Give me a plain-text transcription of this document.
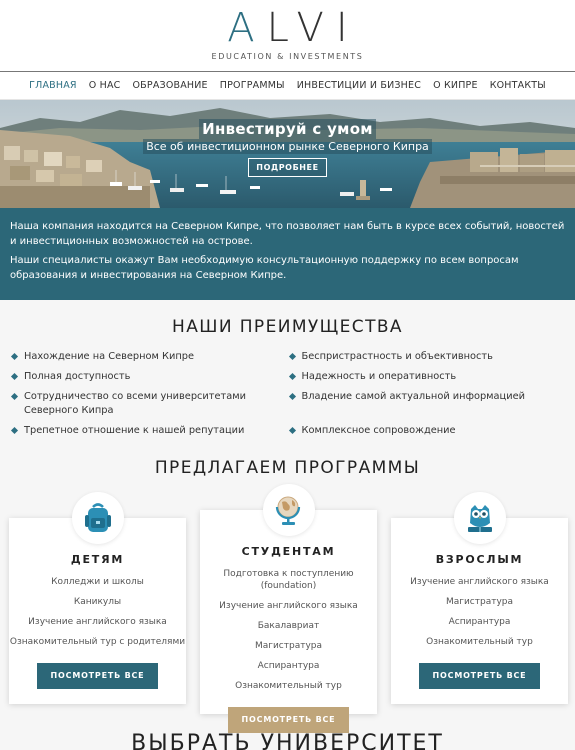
ALVI
EDUCATION & INVESTMENTS
ГЛАВНАЯ	О НАС	ОБРАЗОВАНИЕ	ПРОГРАММЫ	ИНВЕСТИЦИИ И БИЗНЕС	О КИПРЕ	КОНТАКТЫ
Инвестируй с умом
Все об инвестиционном рынке Северного Кипра
ПОДРОБНЕЕ

Наша компания находится на Северном Кипре, что позволяет нам быть в курсе всех событий, новостей и инвестиционных возможностей на острове.

Наши специалисты окажут Вам необходимую консультационную поддержку по всем вопросам образования и инвестирования на Северном Кипре.

НАШИ ПРЕИМУЩЕСТВА
Нахождение на Северном Кипре
Полная доступность
Сотрудничество со всеми университетами Северного Кипра
Трепетное отношение к нашей репутации
Беспристрастность и объективность
Надежность и оперативность
Владение самой актуальной информацией
Комплексное сопровождение
ПРЕДЛАГАЕМ ПРОГРАММЫ
ДЕТЯМ
Колледжи и школы
Каникулы
Изучение английского языка
Ознакомительный тур с родителями
ПОСМОТРЕТЬ ВСЕ
СТУДЕНТАМ
Подготовка к поступлению (foundation)
Изучение английского языка
Бакалавриат
Магистратура
Аспирантура
Ознакомительный тур
ПОСМОТРЕТЬ ВСЕ
ВЗРОСЛЫМ
Изучение английского языка
Магистратура
Аспирантура
Ознакомительный тур
ПОСМОТРЕТЬ ВСЕ
ВЫБРАТЬ УНИВЕРСИТЕТ
